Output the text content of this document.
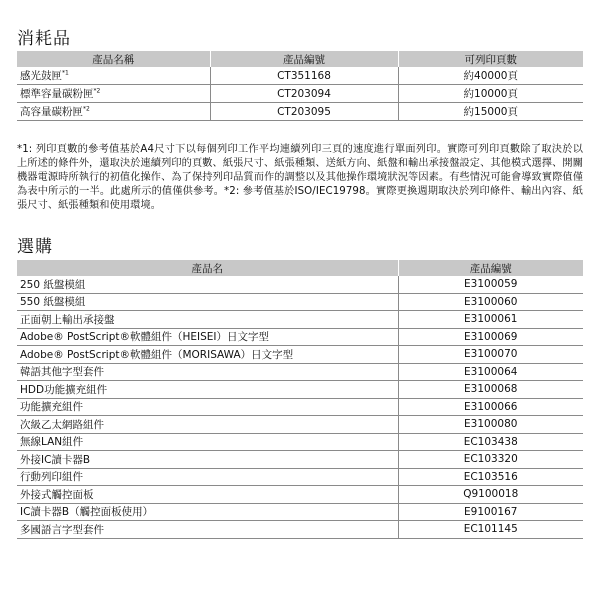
消耗品
產品名稱	產品編號	可列印頁數
感光鼓匣$^{*1}$	CT351168	約40000頁
標準容量碳粉匣$^{*2}$	CT203094	約10000頁
高容量碳粉匣$^{*2}$	CT203095	約15000頁

*1: 列印頁數的參考值基於A4尺寸下以每個列印工作平均連續列印三頁的速度進行單面列印。實際可列印頁數除了取決於以上所述的條件外，還取決於連續列印的頁數、紙張尺寸、紙張種類、送紙方向、紙盤和輸出承接盤設定、其他模式選擇、開關機器電源時所執行的初值化操作、為了保持列印品質而作的調整以及其他操作環境狀況等因素。有些情況可能會導致實際值僅為表中所示的一半。此處所示的值僅供參考。*2: 參考值基於ISO/IEC19798。實際更換週期取決於列印條件、輸出內容、紙張尺寸、紙張種類和使用環境。

選購
產品名	產品編號
250 紙盤模組	E3100059
550 紙盤模組	E3100060
正面朝上輸出承接盤	E3100061
Adobe® PostScript®軟體組件（HEISEI）日文字型	E3100069
Adobe® PostScript®軟體組件（MORISAWA）日文字型	E3100070
韓語其他字型套件	E3100064
HDD功能擴充組件	E3100068
功能擴充組件	E3100066
次級乙太網路組件	E3100080
無線LAN組件	EC103438
外接IC讀卡器B	EC103320
行動列印組件	EC103516
外接式觸控面板	Q9100018
IC讀卡器B（觸控面板使用）	E9100167
多國語言字型套件	EC101145
